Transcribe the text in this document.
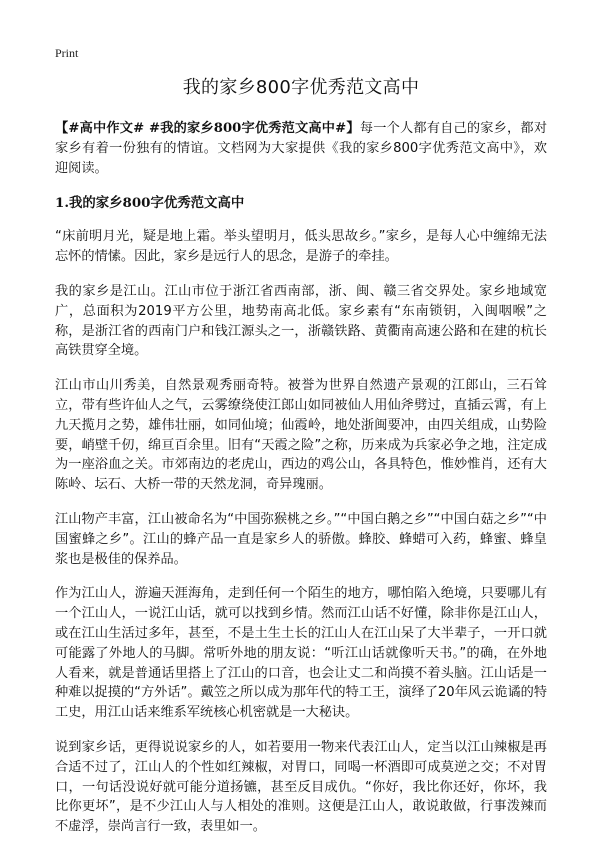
Print
我的家乡800字优秀范文高中

【#高中作文# #我的家乡800字优秀范文高中#】每一个人都有自己的家乡，都对家乡有着一份独有的情谊。文档网为大家提供《我的家乡800字优秀范文高中》，欢迎阅读。

1.我的家乡800字优秀范文高中

“床前明月光，疑是地上霜。举头望明月，低头思故乡。”家乡，是每人心中缠绵无法忘怀的情愫。因此，家乡是远行人的思念，是游子的牵挂。

我的家乡是江山。江山市位于浙江省西南部，浙、闽、赣三省交界处。家乡地域宽广，总面积为2019平方公里，地势南高北低。家乡素有“东南锁钥，入闽咽喉”之称，是浙江省的西南门户和钱江源头之一，浙赣铁路、黄衢南高速公路和在建的杭长高铁贯穿全境。

江山市山川秀美，自然景观秀丽奇特。被誉为世界自然遗产景观的江郎山，三石耸立，带有些许仙人之气，云雾缭绕使江郎山如同被仙人用仙斧劈过，直插云霄，有上九天揽月之势，雄伟壮丽，如同仙境；仙霞岭，地处浙闽要冲，由四关组成，山势险要，峭壁千仞，绵亘百余里。旧有“天霞之险”之称，历来成为兵家必争之地，注定成为一座浴血之关。市郊南边的老虎山，西边的鸡公山，各具特色，惟妙惟肖，还有大陈岭、坛石、大桥一带的天然龙洞，奇异瑰丽。

江山物产丰富，江山被命名为“中国弥猴桃之乡。”“中国白鹅之乡”“中国白菇之乡”“中国蜜蜂之乡”。江山的蜂产品一直是家乡人的骄傲。蜂胶、蜂蜡可入药，蜂蜜、蜂皇浆也是极佳的保养品。

作为江山人，游遍天涯海角，走到任何一个陌生的地方，哪怕陷入绝境，只要哪儿有一个江山人，一说江山话，就可以找到乡情。然而江山话不好懂，除非你是江山人，或在江山生活过多年，甚至，不是土生土长的江山人在江山呆了大半辈子，一开口就可能露了外地人的马脚。常听外地的朋友说：“听江山话就像听天书。”的确，在外地人看来，就是普通话里搭上了江山的口音，也会让丈二和尚摸不着头脑。江山话是一种难以捉摸的“方外话”。戴笠之所以成为那年代的特工王，演绎了20年风云诡谲的特工史，用江山话来维系军统核心机密就是一大秘诀。

说到家乡话，更得说说家乡的人，如若要用一物来代表江山人，定当以江山辣椒是再合适不过了，江山人的个性如红辣椒，对胃口，同喝一杯酒即可成莫逆之交；不对胃口，一句话没说好就可能分道扬镳，甚至反目成仇。“你好，我比你还好，你坏，我比你更坏”，是不少江山人与人相处的准则。这便是江山人，敢说敢做，行事泼辣而不虚浮，崇尚言行一致，表里如一。
